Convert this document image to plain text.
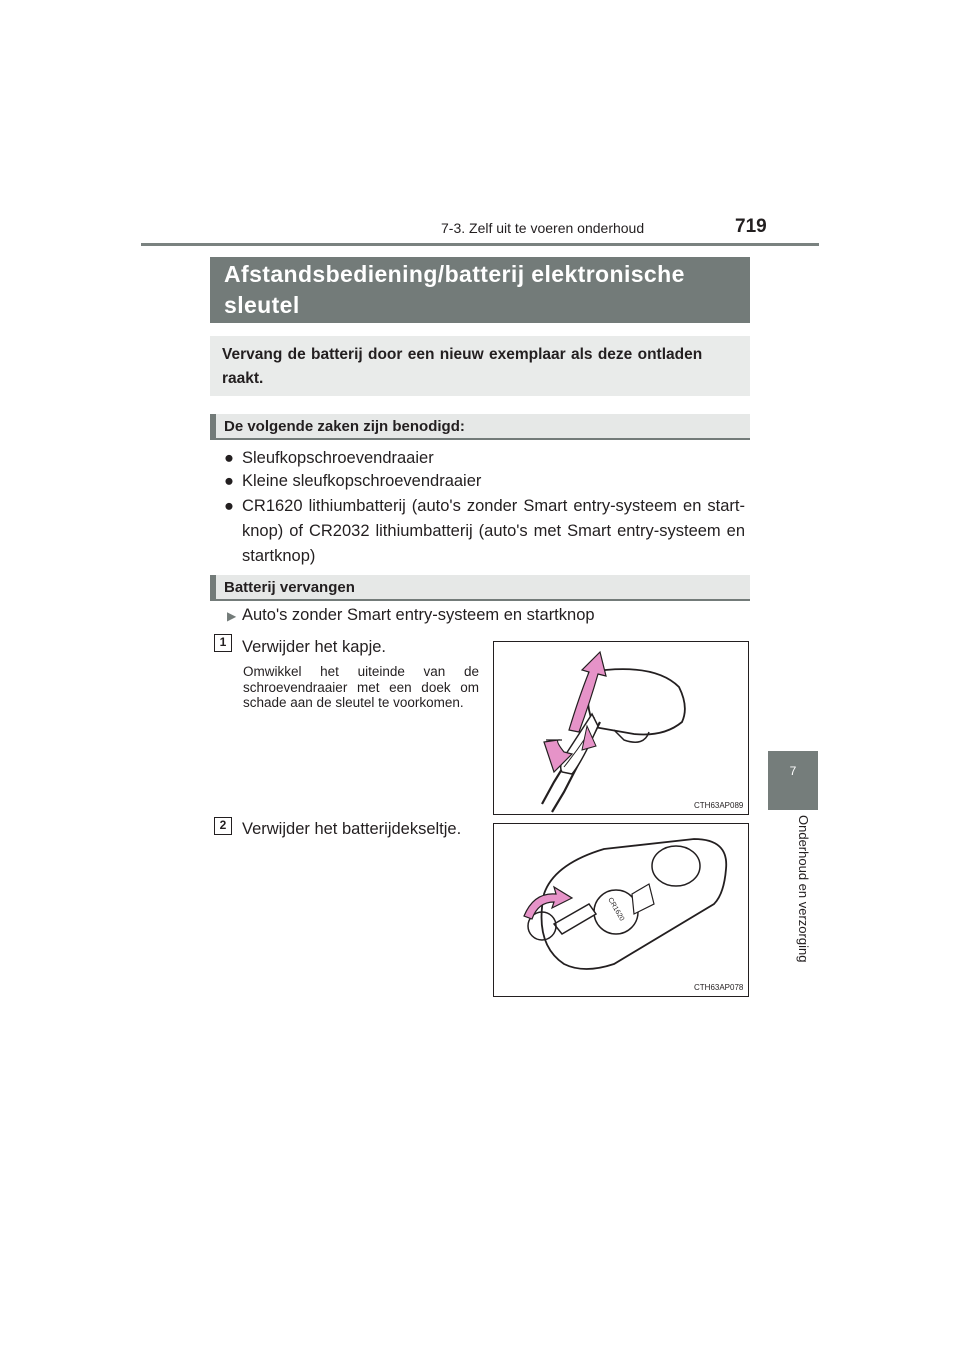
7-3. Zelf uit te voeren onderhoud	719
7
Onderhoud en verzorging
Afstandsbediening/batterij elektronische sleutel
Vervang de batterij door een nieuw exemplaar als deze ontladen raakt.
De volgende zaken zijn benodigd:
● Sleufkopschroevendraaier
● Kleine sleufkopschroevendraaier
● CR1620 lithiumbatterij (auto's zonder Smart entry-systeem en start-knop) of CR2032 lithiumbatterij (auto's met Smart entry-systeem en startknop)
Batterij vervangen
▶ Auto's zonder Smart entry-systeem en startknop
1 Verwijder het kapje.
Omwikkel het uiteinde van de schroevendraaier met een doek om schade aan de sleutel te voorkomen.
CTH63AP089
2 Verwijder het batterijdekseltje.
CR1620
CTH63AP078
